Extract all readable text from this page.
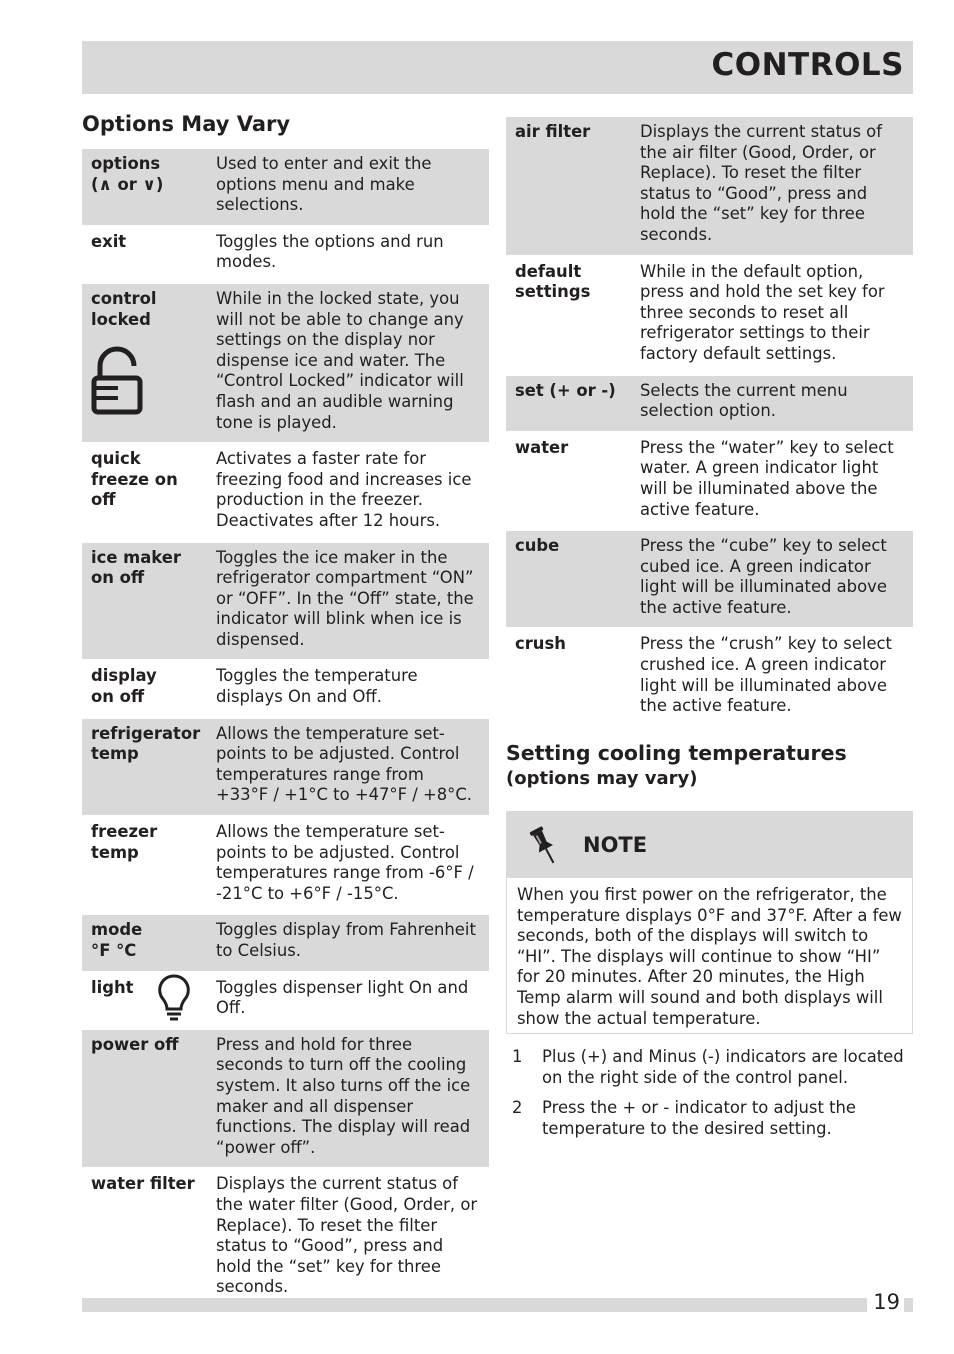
CONTROLS
Options May Vary
options
(∧ or ∨)	Used to enter and exit the options menu and make selections.

exit	Toggles the options and run modes.

control
locked	While in the locked state, you will not be able to change any settings on the display nor dispense ice and water. The “Control Locked” indicator will flash and an audible warning tone is played.

quick
freeze on
off	Activates a faster rate for freezing food and increases ice production in the freezer. Deactivates after 12 hours.

ice maker
on off	Toggles the ice maker in the refrigerator compartment “ON” or “OFF”. In the “Off” state, the indicator will blink when ice is dispensed.

display
on off	Toggles the temperature displays On and Off.

refrigerator
temp	Allows the temperature set-points to be adjusted. Control temperatures range from +33°F / +1°C to +47°F / +8°C.

freezer
temp	Allows the temperature set-points to be adjusted. Control temperatures range from -6°F / -21°C to +6°F / -15°C.

mode
°F °C	Toggles display from Fahrenheit to Celsius.

light	Toggles dispenser light On and Off.

power off	Press and hold for three seconds to turn off the cooling system. It also turns off the ice maker and all dispenser functions. The display will read “power off”.

water filter	Displays the current status of the water filter (Good, Order, or Replace). To reset the filter status to “Good”, press and hold the “set” key for three seconds.
air filter	Displays the current status of the air filter (Good, Order, or Replace). To reset the filter status to “Good”, press and hold the “set” key for three seconds.

default
settings	While in the default option, press and hold the set key for three seconds to reset all refrigerator settings to their factory default settings.

set (+ or -)	Selects the current menu selection option.

water	Press the “water” key to select water. A green indicator light will be illuminated above the active feature.

cube	Press the “cube” key to select cubed ice. A green indicator light will be illuminated above the active feature.

crush	Press the “crush” key to select crushed ice. A green indicator light will be illuminated above the active feature.
Setting cooling temperatures
(options may vary)
NOTE
When you first power on the refrigerator, the temperature displays 0°F and 37°F. After a few seconds, both of the displays will switch to “HI”. The displays will continue to show “HI” for 20 minutes. After 20 minutes, the High Temp alarm will sound and both displays will show the actual temperature.
1	Plus (+) and Minus (-) indicators are located on the right side of the control panel.
2	Press the + or - indicator to adjust the temperature to the desired setting.
19
